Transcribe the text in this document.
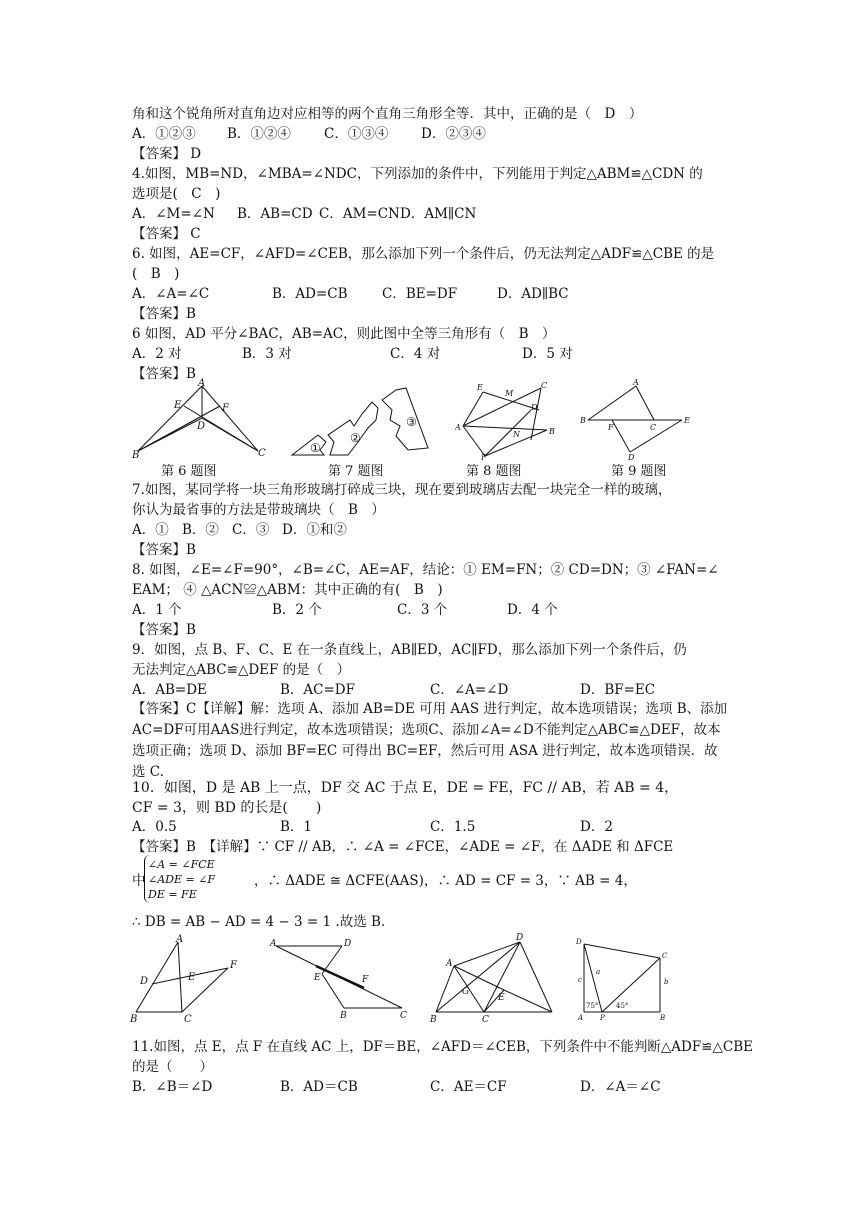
角和这个锐角所对直角边对应相等的两个直角三角形全等．其中，正确的是（　D　）
A．①②③ B．①②④ C．①③④ D．②③④
【答案】 D
4.如图，MB=ND，∠MBA=∠NDC，下列添加的条件中，下列能用于判定△ABM≌△CDN 的
选项是(　C　)
A．∠M=∠N B．AB=CD C．AM=CN D．AM∥CN
【答案】 C
6. 如图，AE=CF，∠AFD=∠CEB，那么添加下列一个条件后，仍无法判定△ADF≌△CBE 的是
(　B　)
A．∠A=∠C	B．AD=CB	C．BE=DF	D．AD∥BC
【答案】B
6 如图，AD 平分∠BAC，AB=AC，则此图中全等三角形有（　B　）
A．2 对	B．3 对	C．4 对	D．5 对
【答案】B
A
E	F
D
B	C	①
②
③
E
M
C
D
A
N	B
F
A
B
F	C
E
D
第 6 题图	第 7 题图	第 8 题图	第 9 题图
7.如图，某同学将一块三角形玻璃打碎成三块，现在要到玻璃店去配一块完全一样的玻璃，
你认为最省事的方法是带玻璃块（　B　）
A．① B．② C．③ D．①和②
【答案】B
8. 如图，∠E=∠F=90°，∠B=∠C，AE=AF，结论：① EM=FN；② CD=DN；③ ∠FAN=∠
EAM； ④ △ACN≌△ABM：其中正确的有(　B　)
A．1 个	B．2 个	C．3 个	D．4 个
【答案】B
9．如图，点 B、F、C、E 在一条直线上，AB∥ED，AC∥FD，那么添加下列一个条件后，仍
无法判定△ABC≌△DEF 的是（　）
A．AB=DE	B．AC=DF	C．∠A=∠D	D．BF=EC
【答案】C【详解】解：选项 A、添加 AB=DE 可用 AAS 进行判定，故本选项错误；选项 B、添加AC=DF可用AAS进行判定，故本选项错误；选项C、添加∠A=∠D不能判定△ABC≌△DEF，故本选项正确；选项 D、添加 BF=EC 可得出 BC=EF，然后可用 ASA 进行判定，故本选项错误．故选 C.
10．如图，D 是 AB 上一点，DF 交 AC 于点 E，DE = FE，FC // AB，若 AB = 4，
CF = 3，则 BD 的长是(　　)
A．0.5	B．1	C．1.5	D．2
【答案】B　【详解】∵ CF // AB，∴ ∠A = ∠FCE，∠ADE = ∠F，在 ΔADE 和 ΔFCE
中
∠A = ∠FCE
∠ADE = ∠F
DE = FE
，∴ ΔADE ≅ ΔCFE(AAS)，∴ AD = CF = 3，∵ AB = 4，
∴ DB = AB − AD = 4 − 3 = 1 .故选 B.
A
D	E
F
B	C
A	D
E	F
B	C
D
A
G
E
B	C
D
C
a
b
c
75°	45°
A P	B
11.如图，点 E，点 F 在直线 AC 上，DF＝BE，∠AFD＝∠CEB，下列条件中不能判断△ADF≌△CBE
的是（　　）
B．∠B＝∠D	B．AD＝CB	C．AE＝CF	D．∠A＝∠C
